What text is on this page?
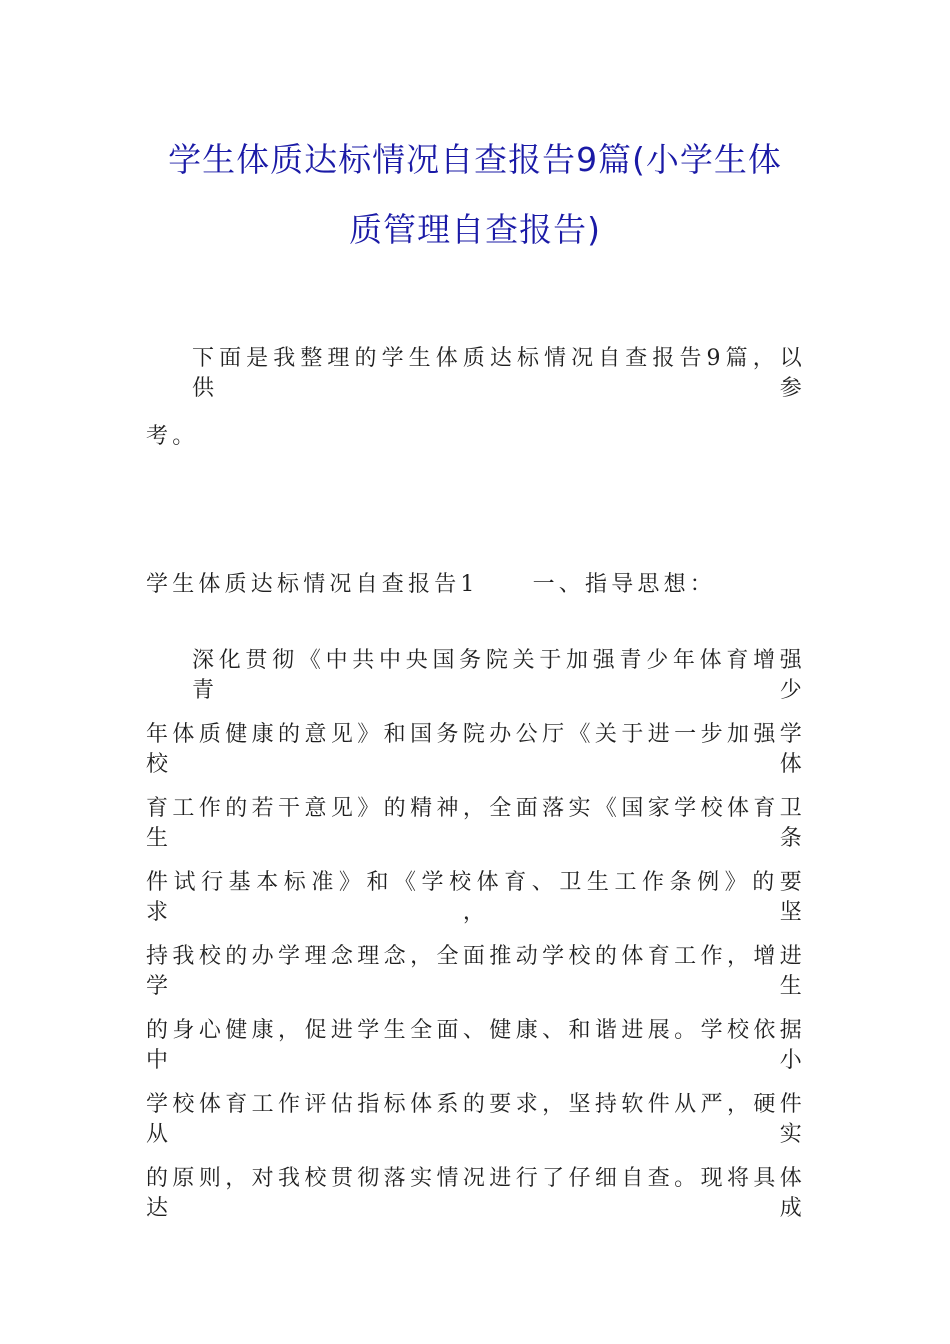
学生体质达标情况自查报告9篇(小学生体
质管理自查报告)
下面是我整理的学生体质达标情况自查报告9篇，以供参
考。
学生体质达标情况自查报告1 一、指导思想：
深化贯彻《中共中央国务院关于加强青少年体育增强青少
年体质健康的意见》和国务院办公厅《关于进一步加强学校体
育工作的若干意见》的精神，全面落实《国家学校体育卫生条
件试行基本标准》和《学校体育、卫生工作条例》的要求，坚
持我校的办学理念理念，全面推动学校的体育工作，增进学生
的身心健康，促进学生全面、健康、和谐进展。学校依据中小
学校体育工作评估指标体系的要求，坚持软件从严，硬件从实
的原则，对我校贯彻落实情况进行了仔细自查。现将具体达成
